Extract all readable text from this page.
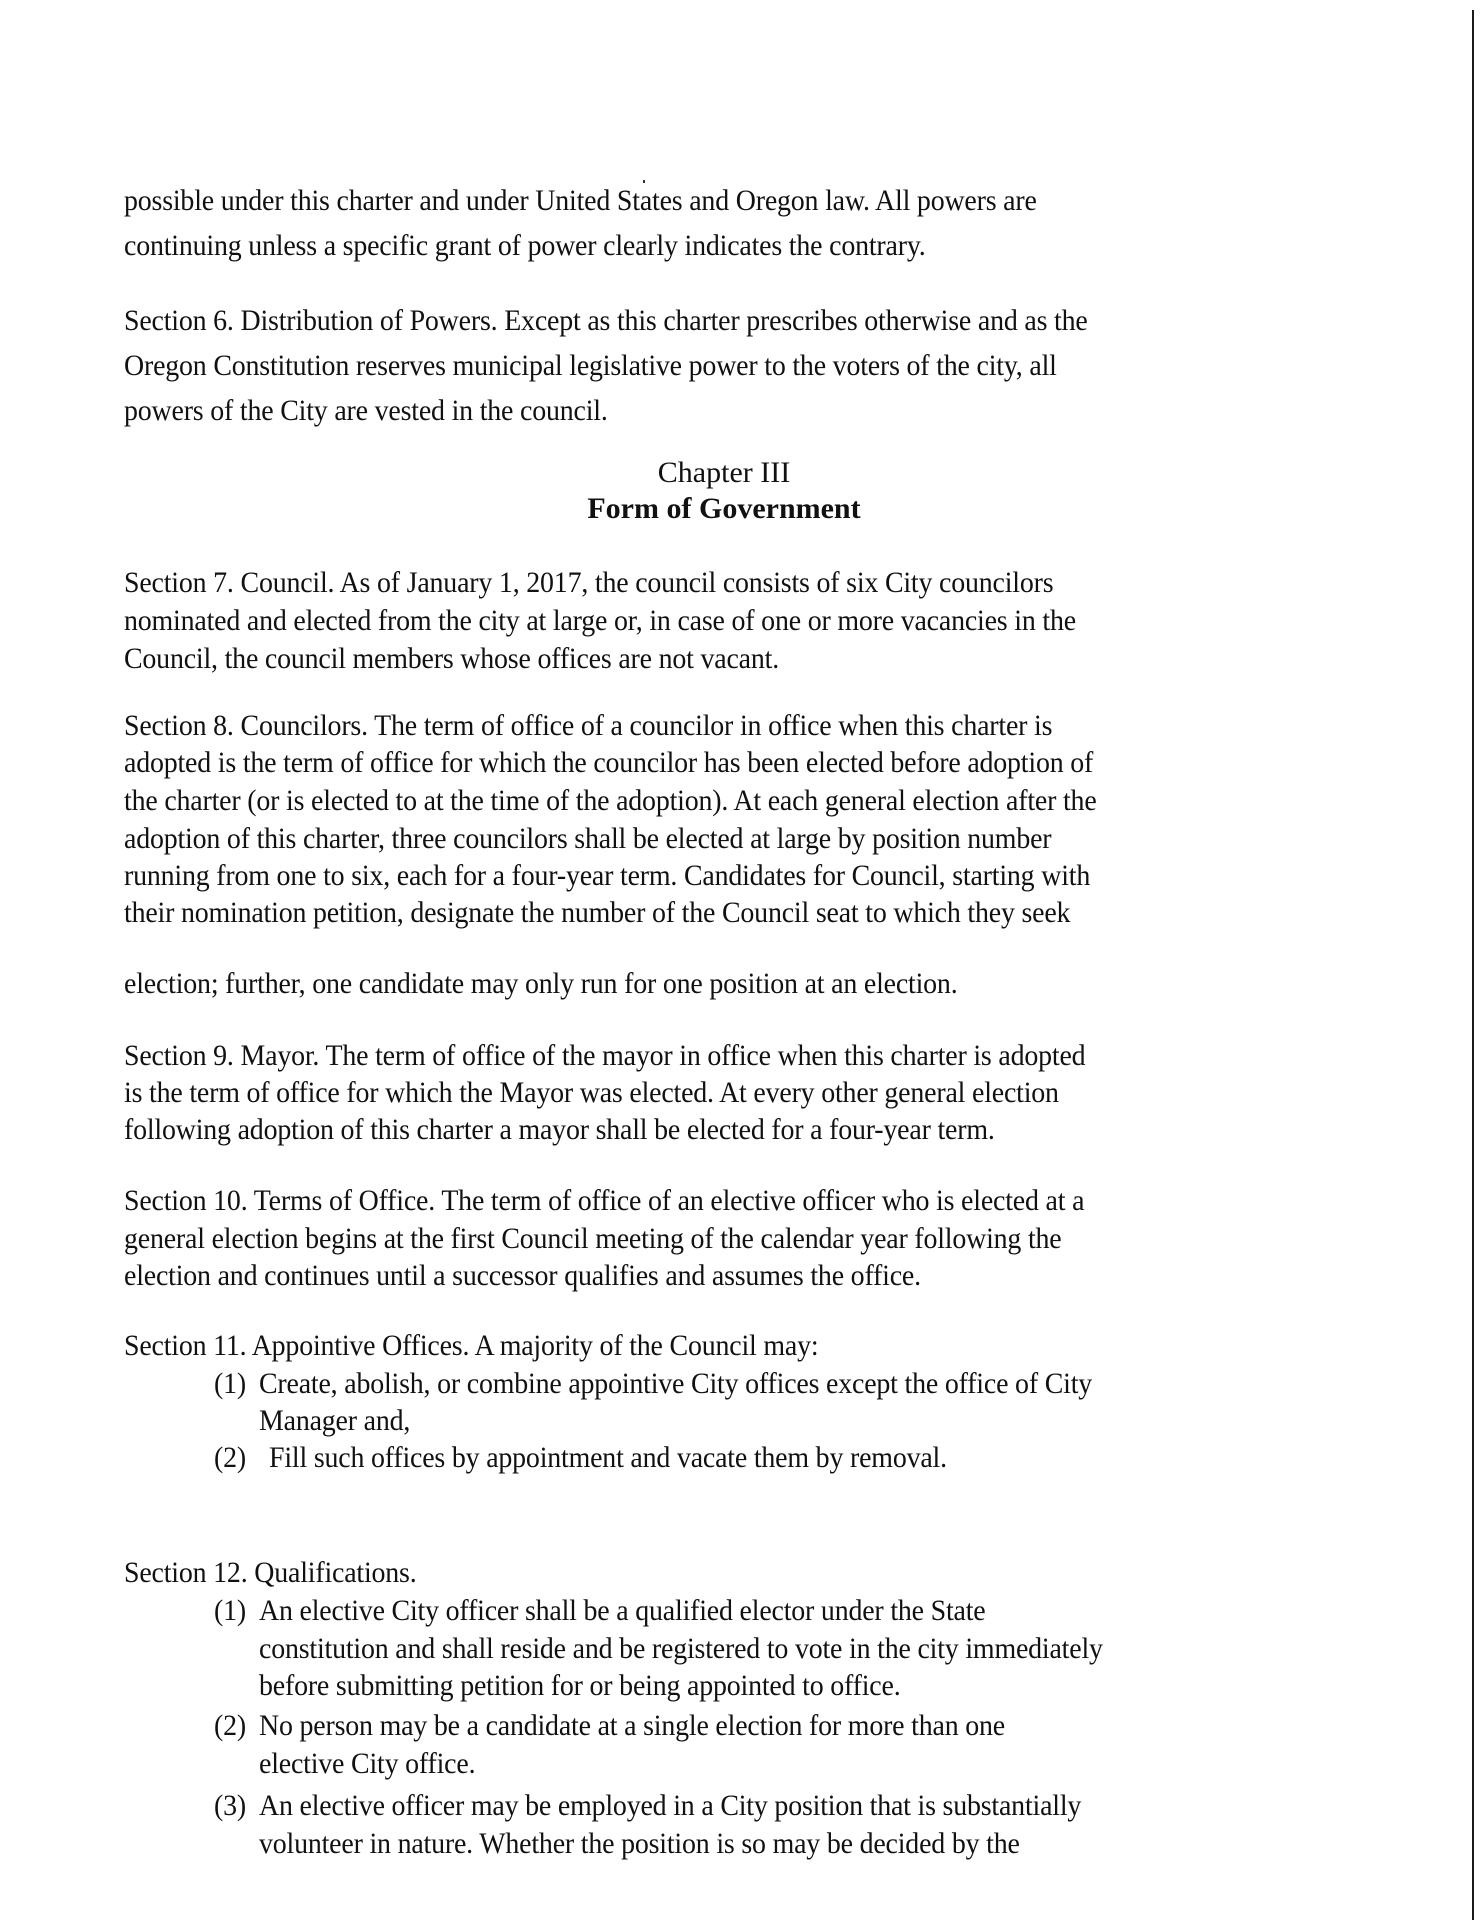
possible under this charter and under United States and Oregon law. All powers are
continuing unless a specific grant of power clearly indicates the contrary.
Section 6. Distribution of Powers. Except as this charter prescribes otherwise and as the
Oregon Constitution reserves municipal legislative power to the voters of the city, all
powers of the City are vested in the council.
Chapter III
Form of Government
Section 7. Council. As of January 1, 2017, the council consists of six City councilors
nominated and elected from the city at large or, in case of one or more vacancies in the
Council, the council members whose offices are not vacant.
Section 8. Councilors. The term of office of a councilor in office when this charter is
adopted is the term of office for which the councilor has been elected before adoption of
the charter (or is elected to at the time of the adoption). At each general election after the
adoption of this charter, three councilors shall be elected at large by position number
running from one to six, each for a four-year term. Candidates for Council, starting with
their nomination petition, designate the number of the Council seat to which they seek
election; further, one candidate may only run for one position at an election.
Section 9. Mayor. The term of office of the mayor in office when this charter is adopted
is the term of office for which the Mayor was elected. At every other general election
following adoption of this charter a mayor shall be elected for a four-year term.
Section 10. Terms of Office. The term of office of an elective officer who is elected at a
general election begins at the first Council meeting of the calendar year following the
election and continues until a successor qualifies and assumes the office.
Section 11. Appointive Offices. A majority of the Council may:
(1) Create, abolish, or combine appointive City offices except the office of City
Manager and,
(2) Fill such offices by appointment and vacate them by removal.
Section 12. Qualifications.
(1) An elective City officer shall be a qualified elector under the State
constitution and shall reside and be registered to vote in the city immediately
before submitting petition for or being appointed to office.
(2) No person may be a candidate at a single election for more than one
elective City office.
(3) An elective officer may be employed in a City position that is substantially
volunteer in nature. Whether the position is so may be decided by the
